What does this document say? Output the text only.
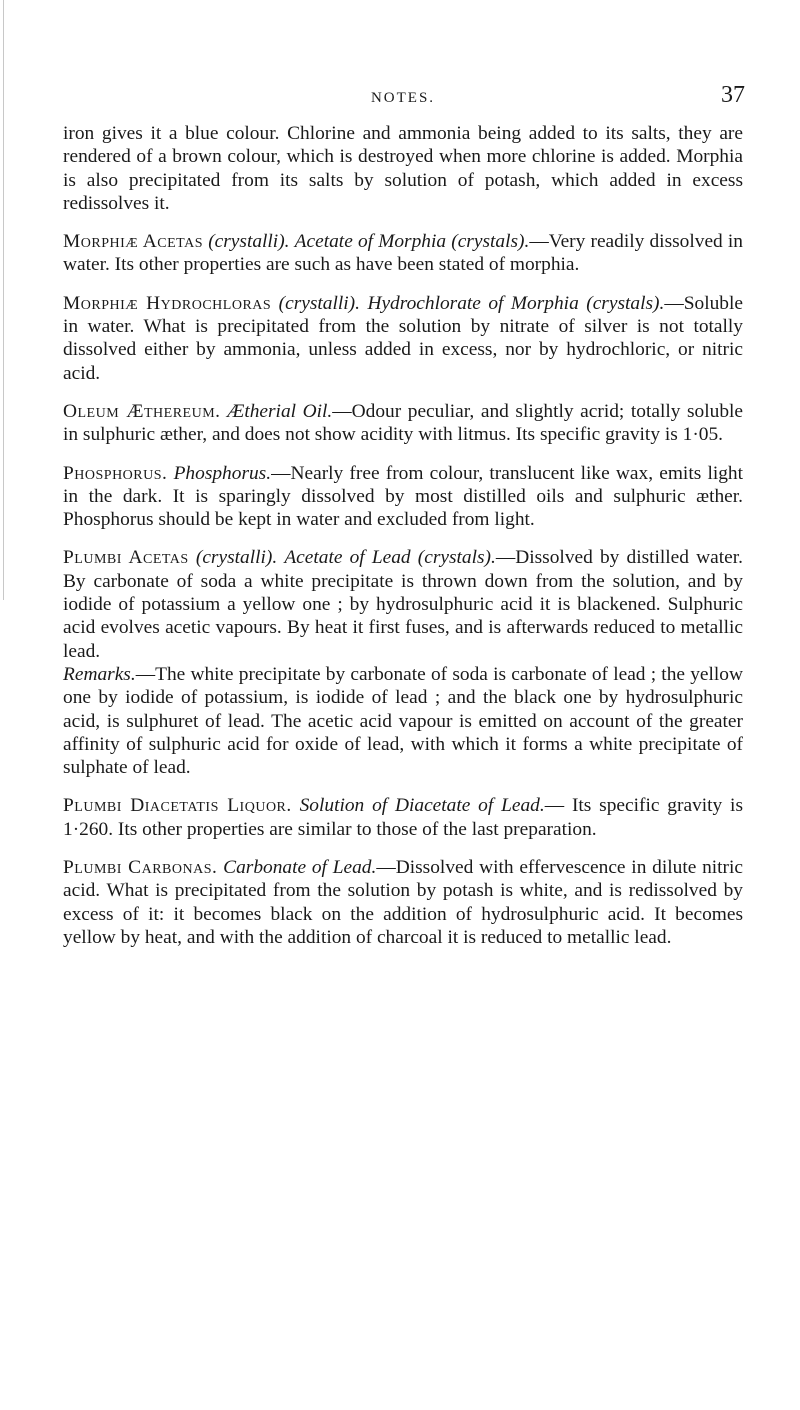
NOTES.	37

iron gives it a blue colour. Chlorine and ammonia being added to its salts, they are rendered of a brown colour, which is destroyed when more chlorine is added. Morphia is also precipitated from its salts by solution of potash, which added in excess redissolves it.

Morphiæ Acetas (crystalli). Acetate of Morphia (crystals).—Very readily dissolved in water. Its other properties are such as have been stated of morphia.

Morphiæ Hydrochloras (crystalli). Hydrochlorate of Morphia (crystals).—Soluble in water. What is precipitated from the solution by nitrate of silver is not totally dissolved either by ammonia, unless added in excess, nor by hydrochloric, or nitric acid.

Oleum Æthereum. Ætherial Oil.—Odour peculiar, and slightly acrid; totally soluble in sulphuric æther, and does not show acidity with litmus. Its specific gravity is 1·05.

Phosphorus. Phosphorus.—Nearly free from colour, translucent like wax, emits light in the dark. It is sparingly dissolved by most distilled oils and sulphuric æther. Phosphorus should be kept in water and excluded from light.

Plumbi Acetas (crystalli). Acetate of Lead (crystals).—Dissolved by distilled water. By carbonate of soda a white precipitate is thrown down from the solution, and by iodide of potassium a yellow one ; by hydrosulphuric acid it is blackened. Sulphuric acid evolves acetic vapours. By heat it first fuses, and is afterwards reduced to metallic lead.

Remarks.—The white precipitate by carbonate of soda is carbonate of lead ; the yellow one by iodide of potassium, is iodide of lead ; and the black one by hydrosulphuric acid, is sulphuret of lead. The acetic acid vapour is emitted on account of the greater affinity of sulphuric acid for oxide of lead, with which it forms a white precipitate of sulphate of lead.

Plumbi Diacetatis Liquor. Solution of Diacetate of Lead.— Its specific gravity is 1·260. Its other properties are similar to those of the last preparation.

Plumbi Carbonas. Carbonate of Lead.—Dissolved with effervescence in dilute nitric acid. What is precipitated from the solution by potash is white, and is redissolved by excess of it: it becomes black on the addition of hydrosulphuric acid. It becomes yellow by heat, and with the addition of charcoal it is reduced to metallic lead.
